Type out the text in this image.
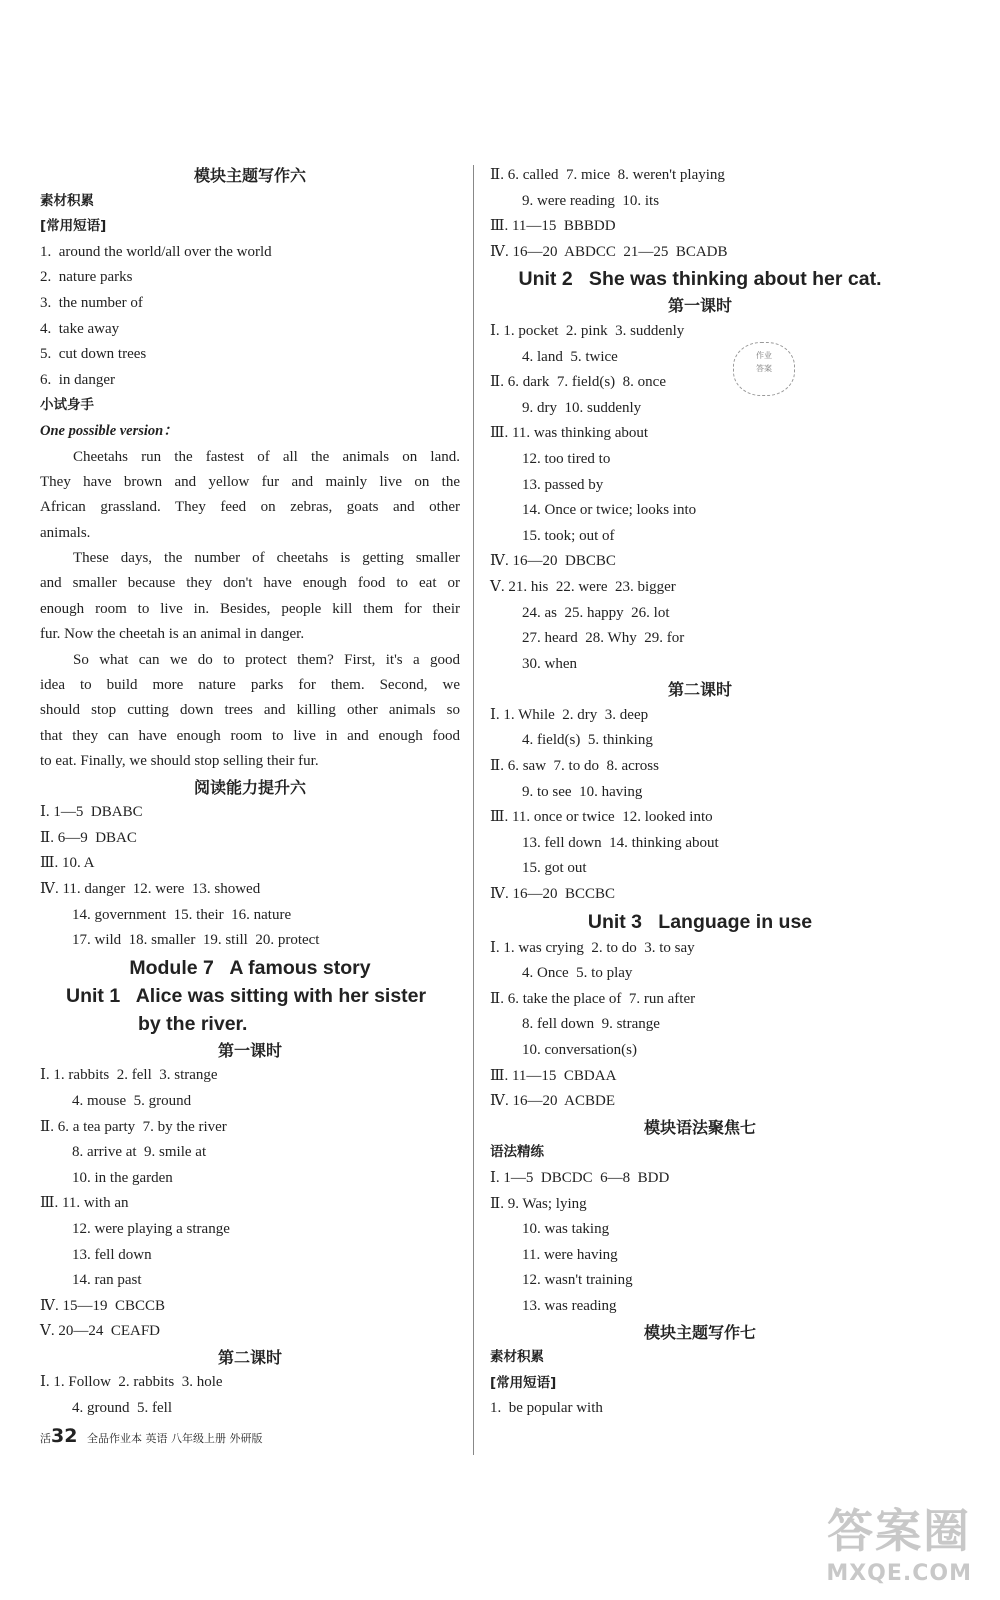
模块主题写作六
素材积累
[常用短语]
1.  around the world/all over the world
2.  nature parks
3.  the number of
4.  take away
5.  cut down trees
6.  in danger
小试身手
One possible version：
Cheetahs run the fastest of all the animals on land.
They have brown and yellow fur and mainly live on the
African grassland. They feed on zebras, goats and other
animals.
These days, the number of cheetahs is getting smaller
and smaller because they don't have enough food to eat or
enough room to live in. Besides, people kill them for their
fur. Now the cheetah is an animal in danger.
So what can we do to protect them? First, it's a good
idea to build more nature parks for them. Second, we
should stop cutting down trees and killing other animals so
that they can have enough room to live in and enough food
to eat. Finally, we should stop selling their fur.
阅读能力提升六
Ⅰ. 1—5  DBABC
Ⅱ. 6—9  DBAC
Ⅲ. 10. A
Ⅳ. 11. danger  12. were  13. showed
14. government  15. their  16. nature
17. wild  18. smaller  19. still  20. protect
Module 7   A famous story
Unit 1   Alice was sitting with her sister
by the river.
第一课时
Ⅰ. 1. rabbits  2. fell  3. strange
4. mouse  5. ground
Ⅱ. 6. a tea party  7. by the river
8. arrive at  9. smile at
10. in the garden
Ⅲ. 11. with an
12. were playing a strange
13. fell down
14. ran past
Ⅳ. 15—19  CBCCB
Ⅴ. 20—24  CEAFD
第二课时
Ⅰ. 1. Follow  2. rabbits  3. hole
4. ground  5. fell
Ⅱ. 6. called  7. mice  8. weren't playing
9. were reading  10. its
Ⅲ. 11—15  BBBDD
Ⅳ. 16—20  ABDCC  21—25  BCADB
Unit 2   She was thinking about her cat.
第一课时
Ⅰ. 1. pocket  2. pink  3. suddenly
4. land  5. twice
Ⅱ. 6. dark  7. field(s)  8. once
9. dry  10. suddenly
Ⅲ. 11. was thinking about
12. too tired to
13. passed by
14. Once or twice; looks into
15. took; out of
Ⅳ. 16—20  DBCBC
Ⅴ. 21. his  22. were  23. bigger
24. as  25. happy  26. lot
27. heard  28. Why  29. for
30. when
第二课时
Ⅰ. 1. While  2. dry  3. deep
4. field(s)  5. thinking
Ⅱ. 6. saw  7. to do  8. across
9. to see  10. having
Ⅲ. 11. once or twice  12. looked into
13. fell down  14. thinking about
15. got out
Ⅳ. 16—20  BCCBC
Unit 3   Language in use
Ⅰ. 1. was crying  2. to do  3. to say
4. Once  5. to play
Ⅱ. 6. take the place of  7. run after
8. fell down  9. strange
10. conversation(s)
Ⅲ. 11—15  CBDAA
Ⅳ. 16—20  ACBDE
模块语法聚焦七
语法精练
Ⅰ. 1—5  DBCDC  6—8  BDD
Ⅱ. 9. Was; lying
10. was taking
11. were having
12. wasn't training
13. was reading
模块主题写作七
素材积累
[常用短语]
1.  be popular with
作业
答案
活32 全品作业本 英语 八年级上册 外研版
答案圈
MXQE.COM
